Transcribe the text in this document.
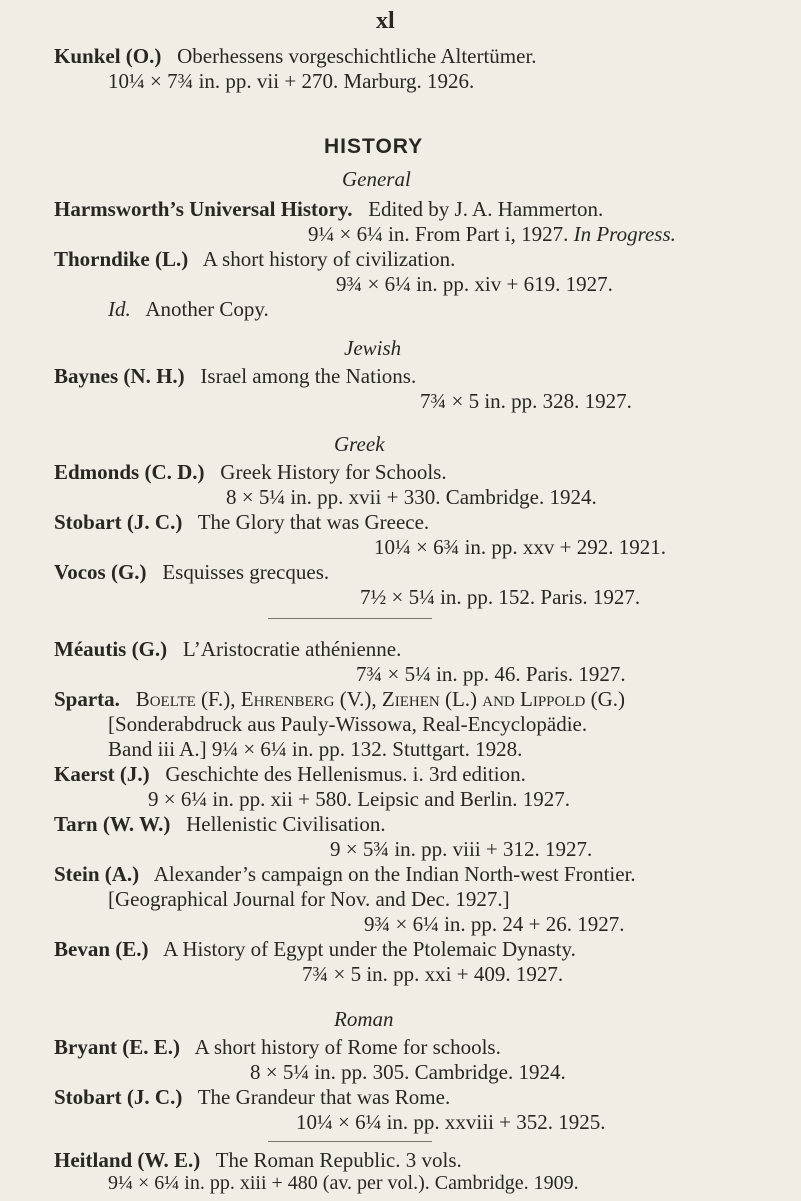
xl
Kunkel (O.) Oberhessens vorgeschichtliche Altertümer.
10¼ × 7¾ in. pp. vii + 270. Marburg. 1926.
HISTORY
General
Harmsworth’s Universal History. Edited by J. A. Hammerton.
9¼ × 6¼ in. From Part i, 1927. In Progress.
Thorndike (L.) A short history of civilization.
9¾ × 6¼ in. pp. xiv + 619. 1927.
Id. Another Copy.
Jewish
Baynes (N. H.) Israel among the Nations.
7¾ × 5 in. pp. 328. 1927.
Greek
Edmonds (C. D.) Greek History for Schools.
8 × 5¼ in. pp. xvii + 330. Cambridge. 1924.
Stobart (J. C.) The Glory that was Greece.
10¼ × 6¾ in. pp. xxv + 292. 1921.
Vocos (G.) Esquisses grecques.
7½ × 5¼ in. pp. 152. Paris. 1927.
Méautis (G.) L’Aristocratie athénienne.
7¾ × 5¼ in. pp. 46. Paris. 1927.
Sparta. Boelte (F.), Ehrenberg (V.), Ziehen (L.) and Lippold (G.)
[Sonderabdruck aus Pauly-Wissowa, Real-Encyclopädie.
Band iii A.] 9¼ × 6¼ in. pp. 132. Stuttgart. 1928.
Kaerst (J.) Geschichte des Hellenismus. i. 3rd edition.
9 × 6¼ in. pp. xii + 580. Leipsic and Berlin. 1927.
Tarn (W. W.) Hellenistic Civilisation.
9 × 5¾ in. pp. viii + 312. 1927.
Stein (A.) Alexander’s campaign on the Indian North-west Frontier.
[Geographical Journal for Nov. and Dec. 1927.]
9¾ × 6¼ in. pp. 24 + 26. 1927.
Bevan (E.) A History of Egypt under the Ptolemaic Dynasty.
7¾ × 5 in. pp. xxi + 409. 1927.
Roman
Bryant (E. E.) A short history of Rome for schools.
8 × 5¼ in. pp. 305. Cambridge. 1924.
Stobart (J. C.) The Grandeur that was Rome.
10¼ × 6¼ in. pp. xxviii + 352. 1925.
Heitland (W. E.) The Roman Republic. 3 vols.
9¼ × 6¼ in. pp. xiii + 480 (av. per vol.). Cambridge. 1909.
